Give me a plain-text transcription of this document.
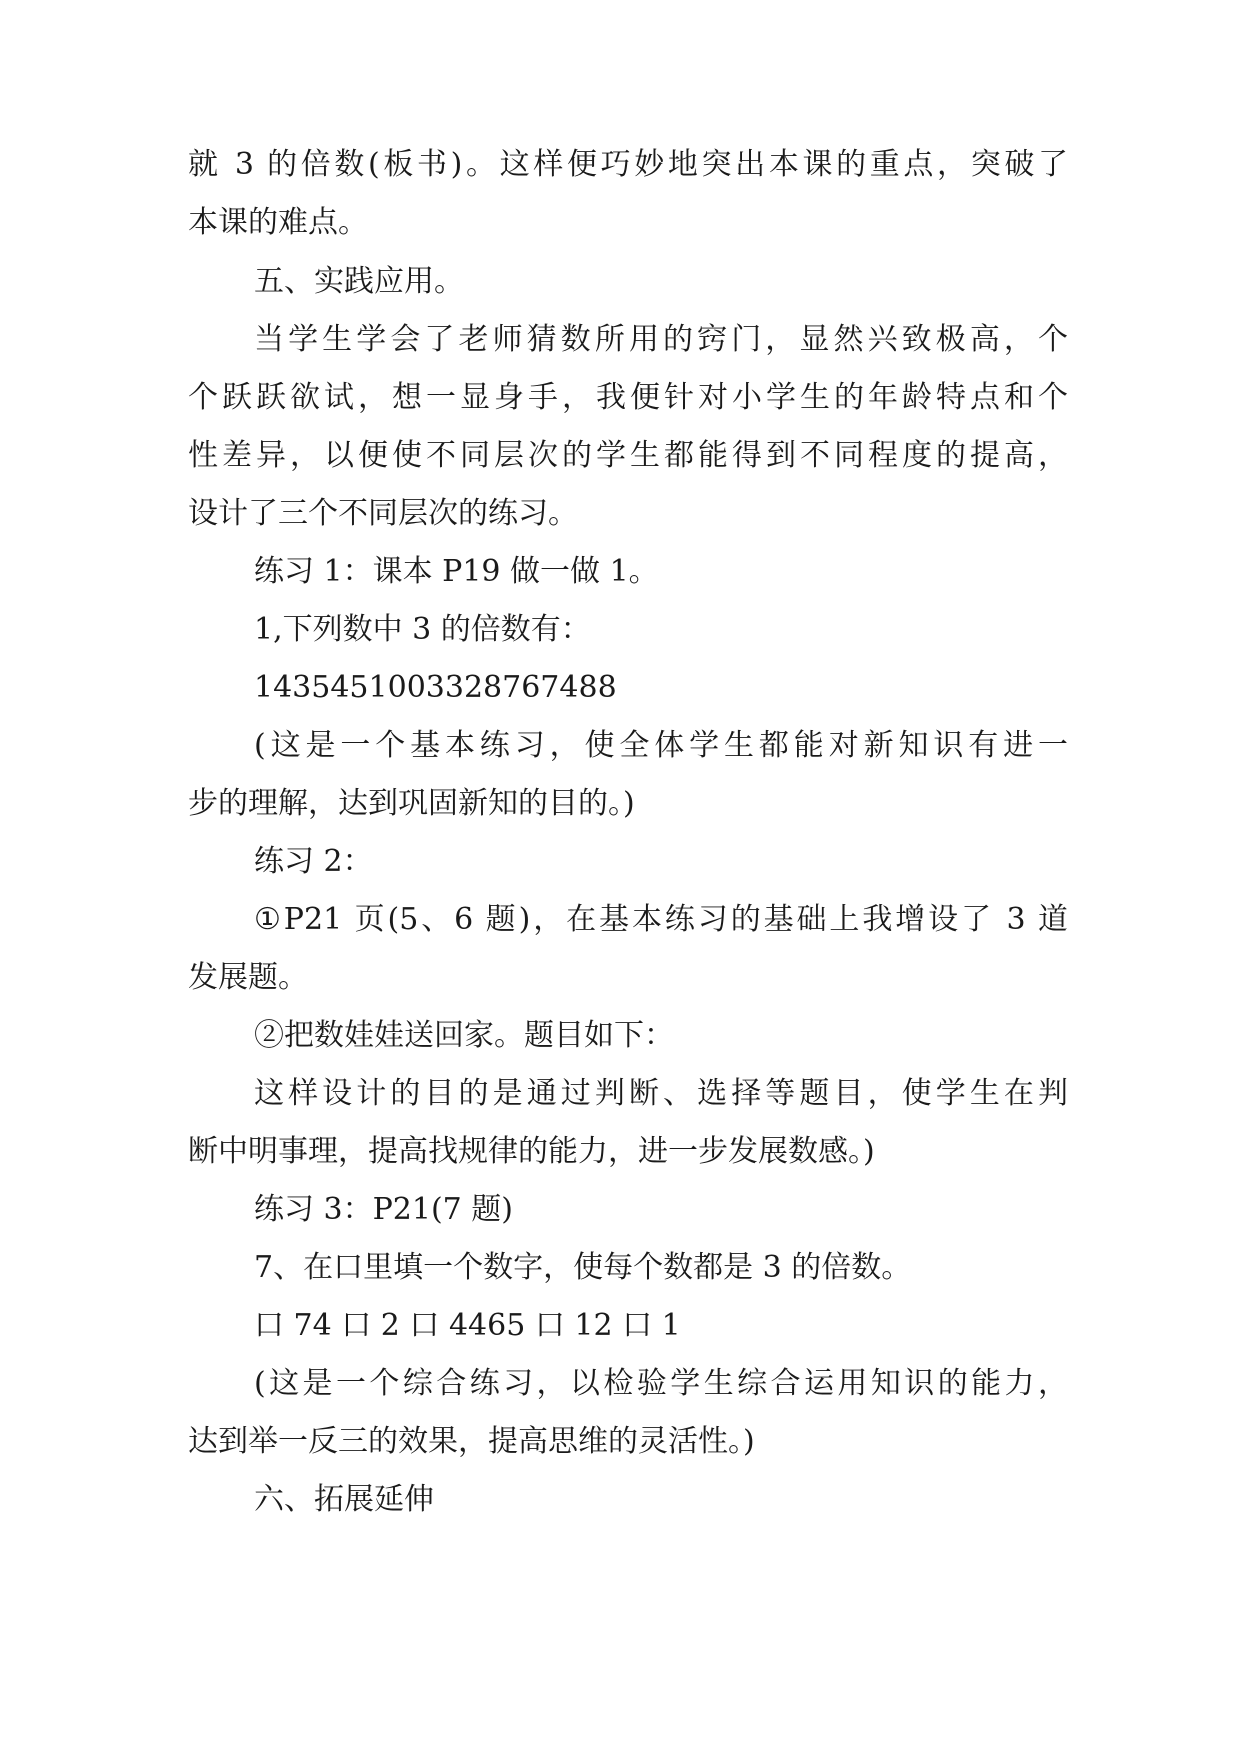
就 3 的倍数(板书)。这样便巧妙地突出本课的重点，突破了
本课的难点。
五、实践应用。
当学生学会了老师猜数所用的窍门，显然兴致极高，个
个跃跃欲试，想一显身手，我便针对小学生的年龄特点和个
性差异，以便使不同层次的学生都能得到不同程度的提高，
设计了三个不同层次的练习。
练习 1：课本 P19 做一做 1。
1,下列数中 3 的倍数有：
1435451003328767488
(这是一个基本练习，使全体学生都能对新知识有进一
步的理解，达到巩固新知的目的。)
练习 2：
①P21 页(5、6 题)，在基本练习的基础上我增设了 3 道
发展题。
②把数娃娃送回家。题目如下：
这样设计的目的是通过判断、选择等题目，使学生在判
断中明事理，提高找规律的能力，进一步发展数感。)
练习 3：P21(7 题)
7、在口里填一个数字，使每个数都是 3 的倍数。
口 74 口 2 口 4465 口 12 口 1
(这是一个综合练习，以检验学生综合运用知识的能力，
达到举一反三的效果，提高思维的灵活性。)
六、拓展延伸
